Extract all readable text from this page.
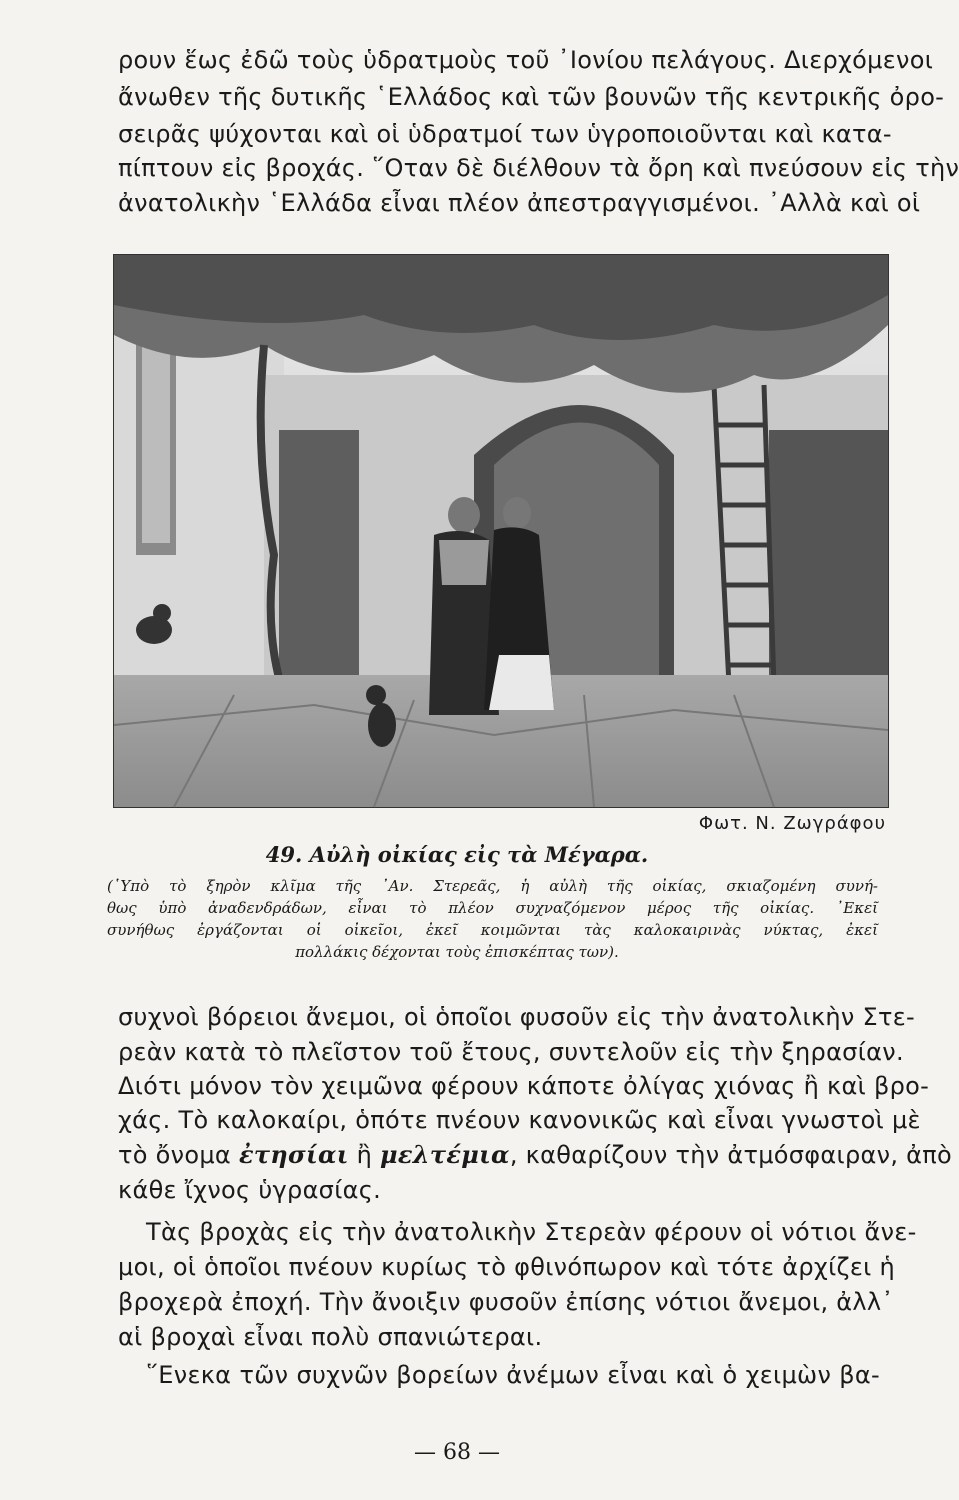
ρουν ἕως ἐδῶ τοὺς ὑδρατμοὺς τοῦ ᾽Ιονίου πελάγους. Διερχόμενοι
ἄνωθεν τῆς δυτικῆς ῾Ελλάδος καὶ τῶν βουνῶν τῆς κεντρικῆς ὀρο-
σειρᾶς ψύχονται καὶ οἱ ὑδρατμοί των ὑγροποιοῦνται καὶ κατα-
πίπτουν εἰς βροχάς. ῞Οταν δὲ διέλθουν τὰ ὄρη καὶ πνεύσουν εἰς τὴν
ἀνατολικὴν ῾Ελλάδα εἶναι πλέον ἀπεστραγγισμένοι. ᾽Αλλὰ καὶ οἱ
Φωτ. Ν. Ζωγράφου
49. Αὐλὴ οἰκίας εἰς τὰ Μέγαρα.
(῾Υπὸ τὸ ξηρὸν κλῖμα τῆς ᾽Αν. Στερεᾶς, ἡ αὐλὴ τῆς οἰκίας, σκιαζομένη συνή-
θως ὑπὸ ἀναδενδράδων, εἶναι τὸ πλέον συχναζόμενον μέρος τῆς οἰκίας. ᾽Εκεῖ
συνήθως ἐργάζονται οἱ οἰκεῖοι, ἐκεῖ κοιμῶνται τὰς καλοκαιρινὰς νύκτας, ἐκεῖ
πολλάκις δέχονται τοὺς ἐπισκέπτας των).
συχνοὶ βόρειοι ἄνεμοι, οἱ ὁποῖοι φυσοῦν εἰς τὴν ἀνατολικὴν Στε-
ρεὰν κατὰ τὸ πλεῖστον τοῦ ἔτους, συντελοῦν εἰς τὴν ξηρασίαν.
Διότι μόνον τὸν χειμῶνα φέρουν κάποτε ὀλίγας χιόνας ἢ καὶ βρο-
χάς. Τὸ καλοκαίρι, ὁπότε πνέουν κανονικῶς καὶ εἶναι γνωστοὶ μὲ
τὸ ὄνομα ἐτησίαι ἢ μελτέμια, καθαρίζουν τὴν ἀτμόσφαιραν, ἀπὸ
κάθε ἴχνος ὑγρασίας.
Τὰς βροχὰς εἰς τὴν ἀνατολικὴν Στερεὰν φέρουν οἱ νότιοι ἄνε-
μοι, οἱ ὁποῖοι πνέουν κυρίως τὸ φθινόπωρον καὶ τότε ἀρχίζει ἡ
βροχερὰ ἐποχή. Τὴν ἄνοιξιν φυσοῦν ἐπίσης νότιοι ἄνεμοι, ἀλλ᾽
αἱ βροχαὶ εἶναι πολὺ σπανιώτεραι.
῞Ενεκα τῶν συχνῶν βορείων ἀνέμων εἶναι καὶ ὁ χειμὼν βα-
— 68 —
